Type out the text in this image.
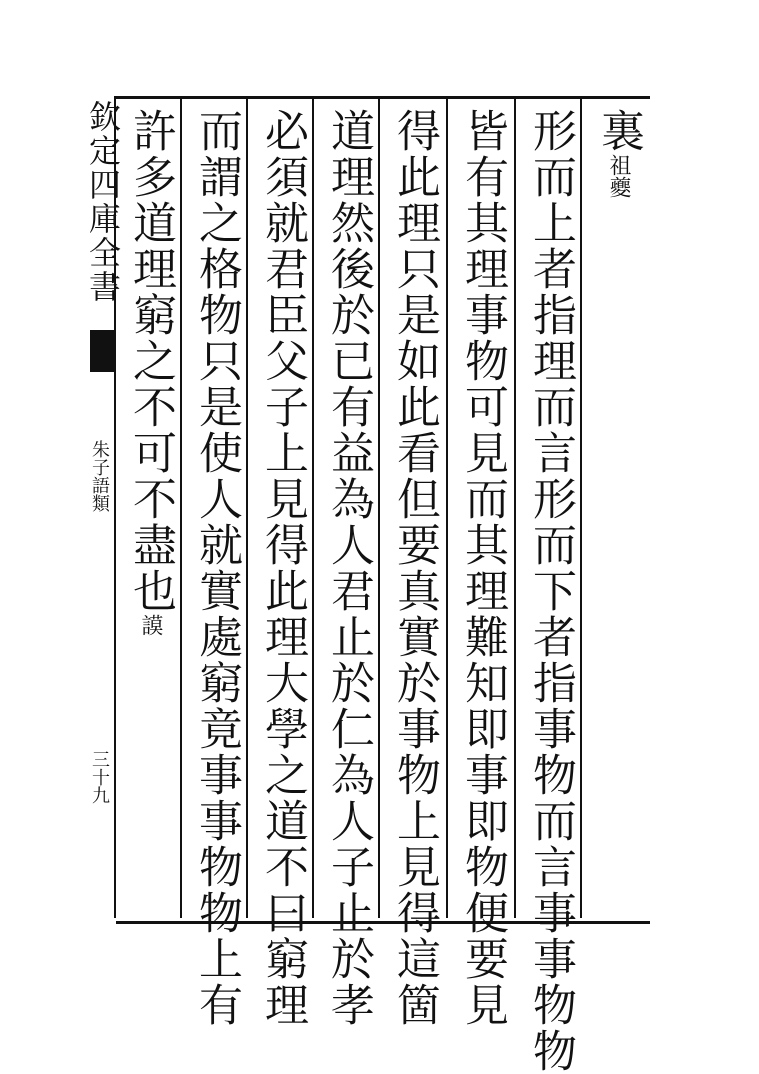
欽定四庫全書
朱子語類
三十九
裏祖夔
形而上者指理而言形而下者指事物而言事事物物
皆有其理事物可見而其理難知即事即物便要見
得此理只是如此看但要真實於事物上見得這箇
道理然後於已有益為人君止於仁為人子止於孝
必須就君臣父子上見得此理大學之道不曰窮理
而謂之格物只是使人就實處窮竟事事物物上有
許多道理窮之不可不盡也謨
